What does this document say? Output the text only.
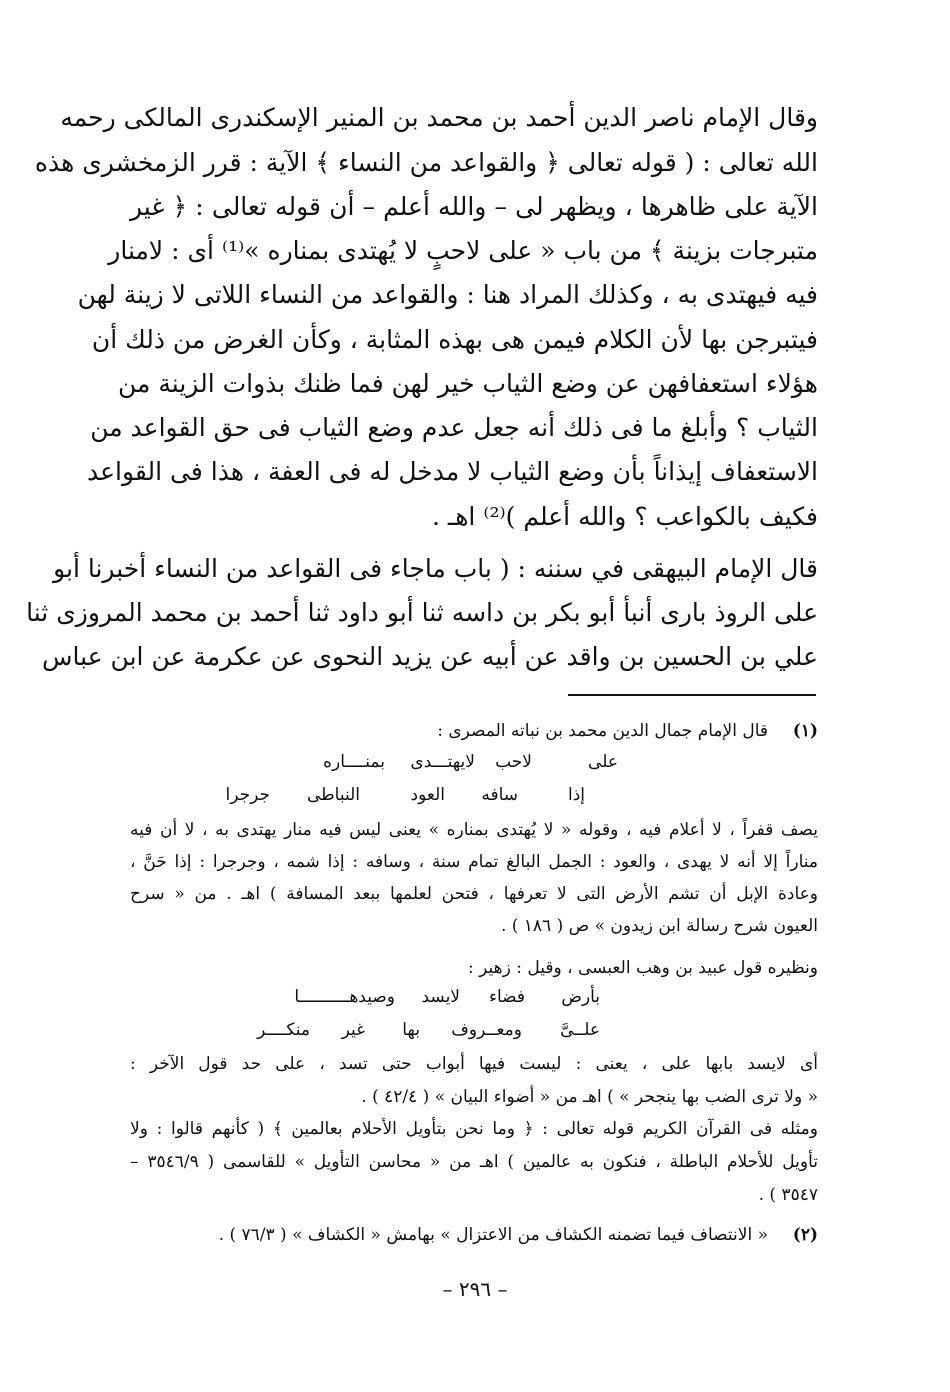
وقال الإمام ناصر الدين أحمد بن محمد بن المنير الإسكندرى المالكى رحمه
الله تعالى : ( قوله تعالى ﴿ والقواعد من النساء ﴾ الآية : قرر الزمخشرى هذه
الآية على ظاهرها ، ويظهر لى – والله أعلم – أن قوله تعالى : ﴿ غير
متبرجات بزينة ﴾ من باب « على لاحبٍ لا يُهتدى بمناره »⁽¹⁾ أى : لامنار
فيه فيهتدى به ، وكذلك المراد هنا : والقواعد من النساء اللاتى لا زينة لهن
فيتبرجن بها لأن الكلام فيمن هى بهذه المثابة ، وكأن الغرض من ذلك أن
هؤلاء استعفافهن عن وضع الثياب خير لهن فما ظنك بذوات الزينة من
الثياب ؟ وأبلغ ما فى ذلك أنه جعل عدم وضع الثياب فى حق القواعد من
الاستعفاف إيذاناً بأن وضع الثياب لا مدخل له فى العفة ، هذا فى القواعد
فكيف بالكواعب ؟ والله أعلم )⁽²⁾ اهـ .
قال الإمام البيهقى في سننه : ( باب ماجاء فى القواعد من النساء أخبرنا أبو
على الروذ بارى أنبأ أبو بكر بن داسه ثنا أبو داود ثنا أحمد بن محمد المروزى ثنا
علي بن الحسين بن واقد عن أبيه عن يزيد النحوى عن عكرمة عن ابن عباس
(١)
قال الإمام جمال الدين محمد بن نباته المصرى :
على
لاحب
لايهتـــدى
بمنــــاره
إذا
سافه
العود
النباطى
جرجرا
يصف قفراً ، لا أعلام فيه ، وقوله « لا يُهتدى بمناره » يعنى ليس فيه منار يهتدى به ، لا أن فيه
مناراً إلا أنه لا يهدى ، والعود : الجمل البالغ تمام سنة ، وسافه : إذا شمه ، وجرجرا : إذا حَنَّ ،
وعادة الإبل أن تشم الأرض التى لا تعرفها ، فتحن لعلمها ببعد المسافة ) اهـ . من « سرح
العيون شرح رسالة ابن زيدون » ص ( ١٨٦ ) .
ونظيره قول عبيد بن وهب العبسى ، وقيل : زهير :
بأرض
فضاء
لايسد
وصيدهــــــــــا
علــىَّ
ومعــروف
بها
غير
منكــــر
أى لايسد بابها على ، يعنى : ليست فيها أبواب حتى تسد ، على حد قول الآخر :
« ولا ترى الضب بها ينجحر » ) اهـ من « أضواء البيان » ( ٤٢/٤ ) .
ومثله فى القرآن الكريم قوله تعالى : ﴿ وما نحن بتأويل الأحلام بعالمين ﴾ ( كأنهم قالوا : ولا
تأويل للأحلام الباطلة ، فنكون به عالمين ) اهـ من « محاسن التأويل » للقاسمى ( ٣٥٤٦/٩ –
٣٥٤٧ ) .
(٢)
« الانتصاف فيما تضمنه الكشاف من الاعتزال » بهامش « الكشاف » ( ٧٦/٣ ) .
– ٢٩٦ –
